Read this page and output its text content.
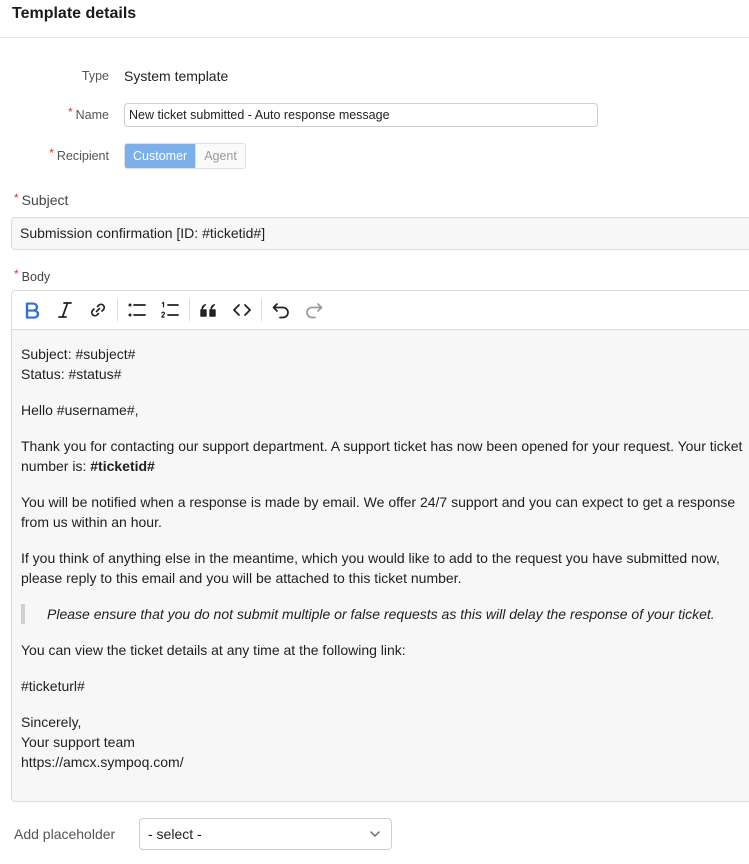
Template details
Type	System template
* Name
New ticket submitted - Auto response message
* Recipient	Customer	Agent
* Subject
Submission confirmation [ID: #ticketid#]
* Body

Subject: #subject#
Status: #status#

Hello #username#,

Thank you for contacting our support department. A support ticket has now been opened for your request. Your ticket number is: #ticketid#

You will be notified when a response is made by email. We offer 24/7 support and you can expect to get a response from us within an hour.

If you think of anything else in the meantime, which you would like to add to the request you have submitted now, please reply to this email and you will be attached to this ticket number.

Please ensure that you do not submit multiple or false requests as this will delay the response of your ticket.

You can view the ticket details at any time at the following link:

#ticketurl#

Sincerely,
Your support team
https://amcx.sympoq.com/

Add placeholder	- select -
